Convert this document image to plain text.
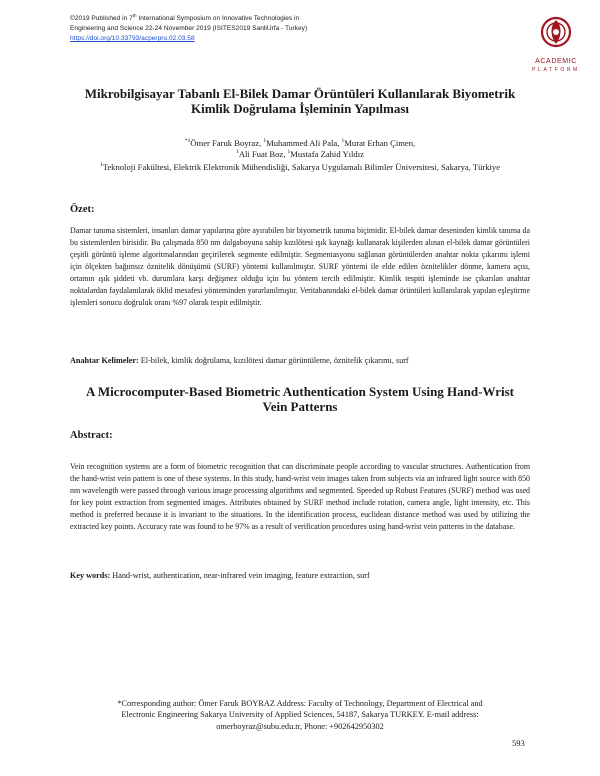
©2019 Published in 7th International Symposium on Innovative Technologies in
Engineering and Science 22-24 November 2019 (ISITES2019 SanliUrfa - Turkey)
https://doi.org/10.33793/acperpro.02.03.58
ACADEMIC
PLATFORM
Mikrobilgisayar Tabanlı El-Bilek Damar Örüntüleri Kullanılarak Biyometrik
Kimlik Doğrulama İşleminin Yapılması
$^{*1}$Ömer Faruk Boyraz, $^1$Muhammed Ali Pala, $^1$Murat Erhan Çimen,
$^1$Ali Fuat Boz, $^1$Mustafa Zahid Yıldız
$^1$Teknoloji Fakültesi, Elektrik Elektronik Mühendisliği, Sakarya Uygulamalı Bilimler Üniversitesi, Sakarya, Türkiye
Özet:

Damar tanıma sistemleri, insanları damar yapılarına göre ayırabilen bir biyometrik tanıma biçimidir. El-bilek damar deseninden kimlik tanıma da bu sistemlerden birisidir. Bu çalışmada 850 nm dalgaboyuna sahip kızılötesi ışık kaynağı kullanarak kişilerden alınan el-bilek damar görüntüleri çeşitli görüntü işleme algoritmalarından geçirilerek segmente edilmiştir. Segmentasyonu sağlanan görüntülerden anahtar nokta çıkarımı işlemi için ölçekten bağımsız öznitelik dönüşümü (SURF) yöntemi kullanılmıştır. SURF yöntemi ile elde edilen öznitelikler dönme, kamera açısı, ortamın ışık şiddeti vb. durumlara karşı değişmez olduğu için bu yöntem tercih edilmiştir. Kimlik tespiti işleminde ise çıkarılan anahtar noktalardan faydalanılarak öklid mesafesi yönteminden yararlanılmıştır. Veritabanındaki el-bilek damar örüntüleri kullanılarak yapılan eşleştirme işlemleri sonucu doğruluk oranı %97 olarak tespit edilmiştir.

Anahtar Kelimeler: El-bilek, kimlik doğrulama, kızılötesi damar görüntüleme, öznitelik çıkarımı, surf
A Microcomputer-Based Biometric Authentication System Using Hand-Wrist
Vein Patterns
Abstract:

Vein recognition systems are a form of biometric recognition that can discriminate people according to vascular structures. Authentication from the hand-wrist vein pattern is one of these systems. In this study, hand-wrist vein images taken from subjects via an infrared light source with 850 nm wavelength were passed through various image processing algorithms and segmented. Speeded up Robust Features (SURF) method was used for key point extraction from segmented images. Attributes obtained by SURF method include rotation, camera angle, light intensity, etc. This method is preferred because it is invariant to the situations. In the identification process, euclidean distance method was used by utilizing the extracted key points. Accuracy rate was found to be 97% as a result of verification procedures using hand-wrist vein patterns in the database.

Key words: Hand-wrist, authentication, near-infrared vein imaging, feature extraction, surf
*Corresponding author: Ömer Faruk BOYRAZ Address: Faculty of Technology, Department of Electrical and
Electronic Engineering Sakarya University of Applied Sciences, 54187, Sakarya TURKEY. E-mail address:
omerboyraz@subu.edu.tr, Phone: +902642950302
593
